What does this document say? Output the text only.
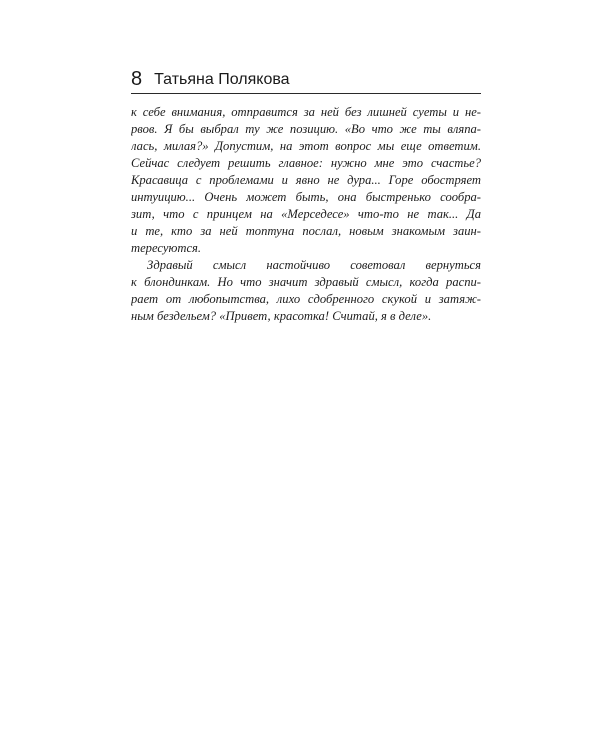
8 Татьяна Полякова
к себе внимания, отправится за ней без лишней суеты и не-
рвов. Я бы выбрал ту же позицию. «Во что же ты вляпа-
лась, милая?» Допустим, на этот вопрос мы еще ответим.
Сейчас следует решить главное: нужно мне это счастье?
Красавица с проблемами и явно не дура... Горе обостряет
интуицию... Очень может быть, она быстренько сообра-
зит, что с принцем на «Мерседесе» что-то не так... Да
и те, кто за ней топтуна послал, новым знакомым заин-
тересуются.
Здравый смысл настойчиво советовал вернуться
к блондинкам. Но что значит здравый смысл, когда распи-
рает от любопытства, лихо сдобренного скукой и затяж-
ным бездельем? «Привет, красотка! Считай, я в деле».
